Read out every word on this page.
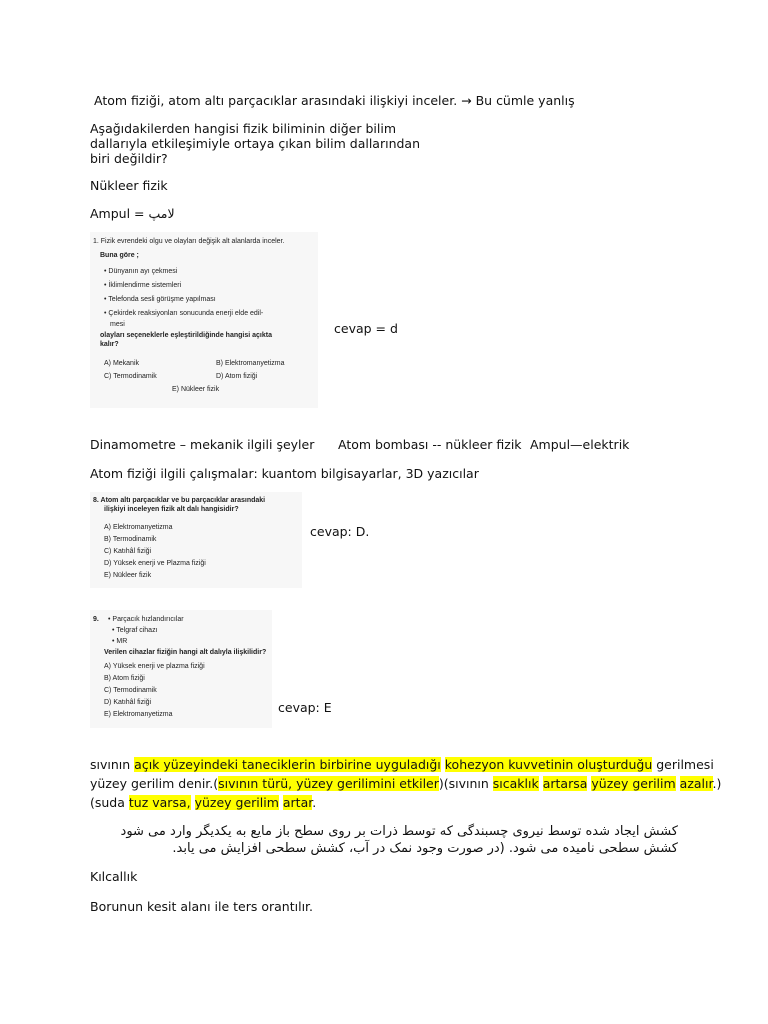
Atom fiziği, atom altı parçacıklar arasındaki ilişkiyi inceler. → Bu cümle yanlış
Aşağıdakilerden hangisi fizik biliminin diğer bilim
dallarıyla etkileşimiyle ortaya çıkan bilim dallarından
biri değildir?
Nükleer fizik
Ampul = لامپ
1. Fizik evrendeki olgu ve olayları değişik alt alanlarda inceler.
Buna göre ;
• Dünyanın ayı çekmesi
• İklimlendirme sistemleri
• Telefonda sesli görüşme yapılması
• Çekirdek reaksiyonları sonucunda enerji elde edil-
mesi
olayları seçeneklerle eşleştirildiğinde hangisi açıkta
kalır?
A) Mekanik	B) Elektromanyetizma
C) Termodinamik	D) Atom fiziği
E) Nükleer fizik
cevap = d
Dinamometre – mekanik ilgili şeyler Atom bombası -- nükleer fizik Ampul—elektrik
Atom fiziği ilgili çalışmalar: kuantom bilgisayarlar, 3D yazıcılar
8. Atom altı parçacıklar ve bu parçacıklar arasındaki
ilişkiyi inceleyen fizik alt dalı hangisidir?
A) Elektromanyetizma
B) Termodinamik
C) Katıhâl fiziği
D) Yüksek enerji ve Plazma fiziği
E) Nükleer fizik
cevap: D.
9. • Parçacık hızlandırıcılar
• Telgraf cihazı
• MR
Verilen cihazlar fiziğin hangi alt dalıyla ilişkilidir?
A) Yüksek enerji ve plazma fiziği
B) Atom fiziği
C) Termodinamik
D) Katıhâl fiziği
E) Elektromanyetizma	cevap: E
sıvının açık yüzeyindeki taneciklerin birbirine uyguladığı kohezyon kuvvetinin oluşturduğu gerilmesi
yüzey gerilim denir.(sıvının türü, yüzey gerilimini etkiler)(sıvının sıcaklık artarsa yüzey gerilim azalır.)
(suda tuz varsa, yüzey gerilim artar.
کشش ایجاد شده توسط نیروی چسبندگی که توسط ذرات بر روی سطح باز مایع به یکدیگر وارد می شود
کشش سطحی نامیده می شود. (در صورت وجود نمک در آب، کشش سطحی افزایش می یابد.
Kılcallık
Borunun kesit alanı ile ters orantılır.
